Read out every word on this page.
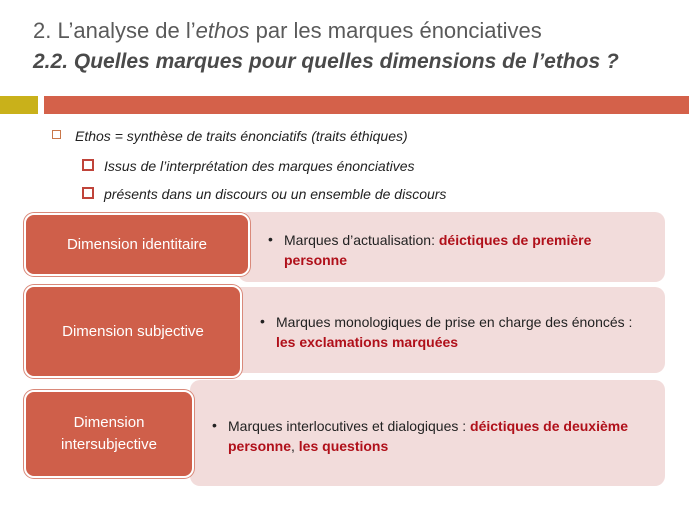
2. L’analyse de l’ethos par les marques énonciatives
2.2. Quelles marques pour quelles dimensions de l’ethos ?
Ethos = synthèse de traits énonciatifs (traits éthiques)
Issus de l’interprétation des marques énonciatives
présents dans un discours ou un ensemble de discours
• Marques d’actualisation: déictiques de première personne
Dimension identitaire
• Marques monologiques de prise en charge des énoncés : les exclamations marquées
Dimension subjective
• Marques interlocutives et dialogiques : déictiques de deuxième personne, les questions
Dimension
intersubjective
